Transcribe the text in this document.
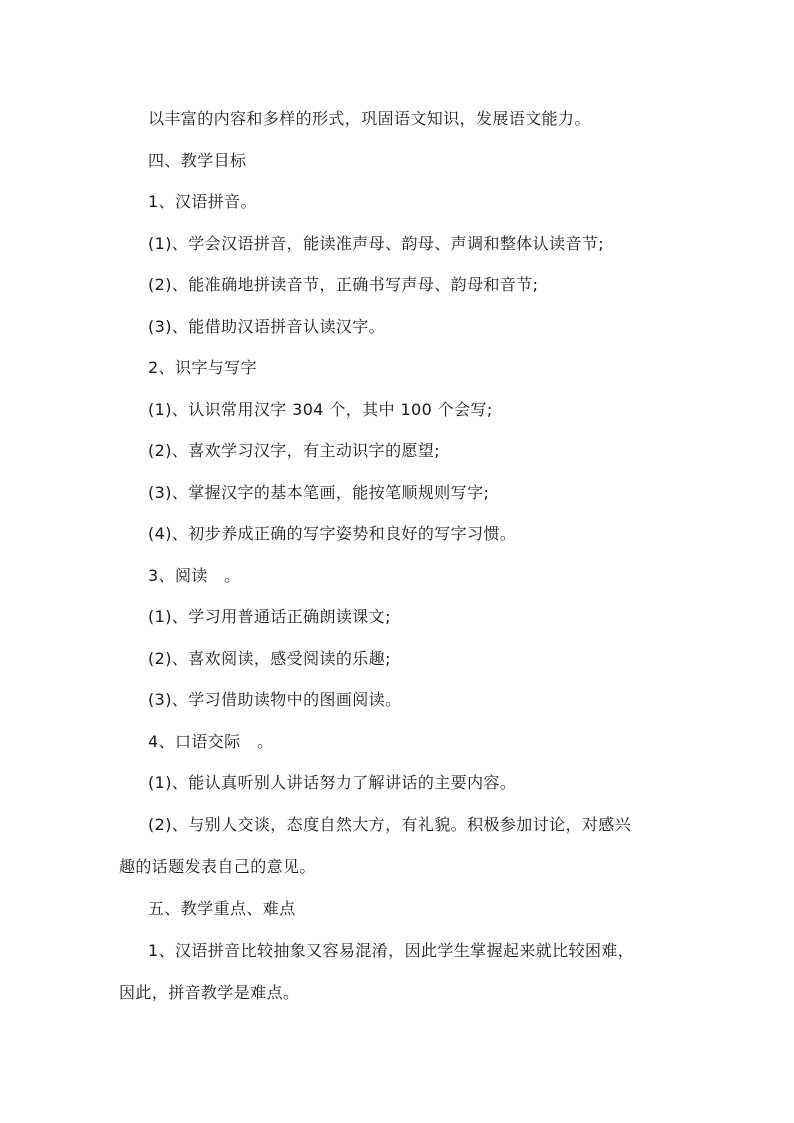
以丰富的内容和多样的形式，巩固语文知识，发展语文能力。
四、教学目标
1、汉语拼音。
(1)、学会汉语拼音，能读准声母、韵母、声调和整体认读音节;
(2)、能准确地拼读音节，正确书写声母、韵母和音节;
(3)、能借助汉语拼音认读汉字。
2、识字与写字
(1)、认识常用汉字 304 个，其中 100 个会写;
(2)、喜欢学习汉字，有主动识字的愿望;
(3)、掌握汉字的基本笔画，能按笔顺规则写字;
(4)、初步养成正确的写字姿势和良好的写字习惯。
3、阅读　。
(1)、学习用普通话正确朗读课文;
(2)、喜欢阅读，感受阅读的乐趣;
(3)、学习借助读物中的图画阅读。
4、口语交际　。
(1)、能认真听别人讲话努力了解讲话的主要内容。
(2)、与别人交谈，态度自然大方，有礼貌。积极参加讨论，对感兴
趣的话题发表自己的意见。
五、教学重点、难点
1、汉语拼音比较抽象又容易混淆，因此学生掌握起来就比较困难，
因此，拼音教学是难点。
